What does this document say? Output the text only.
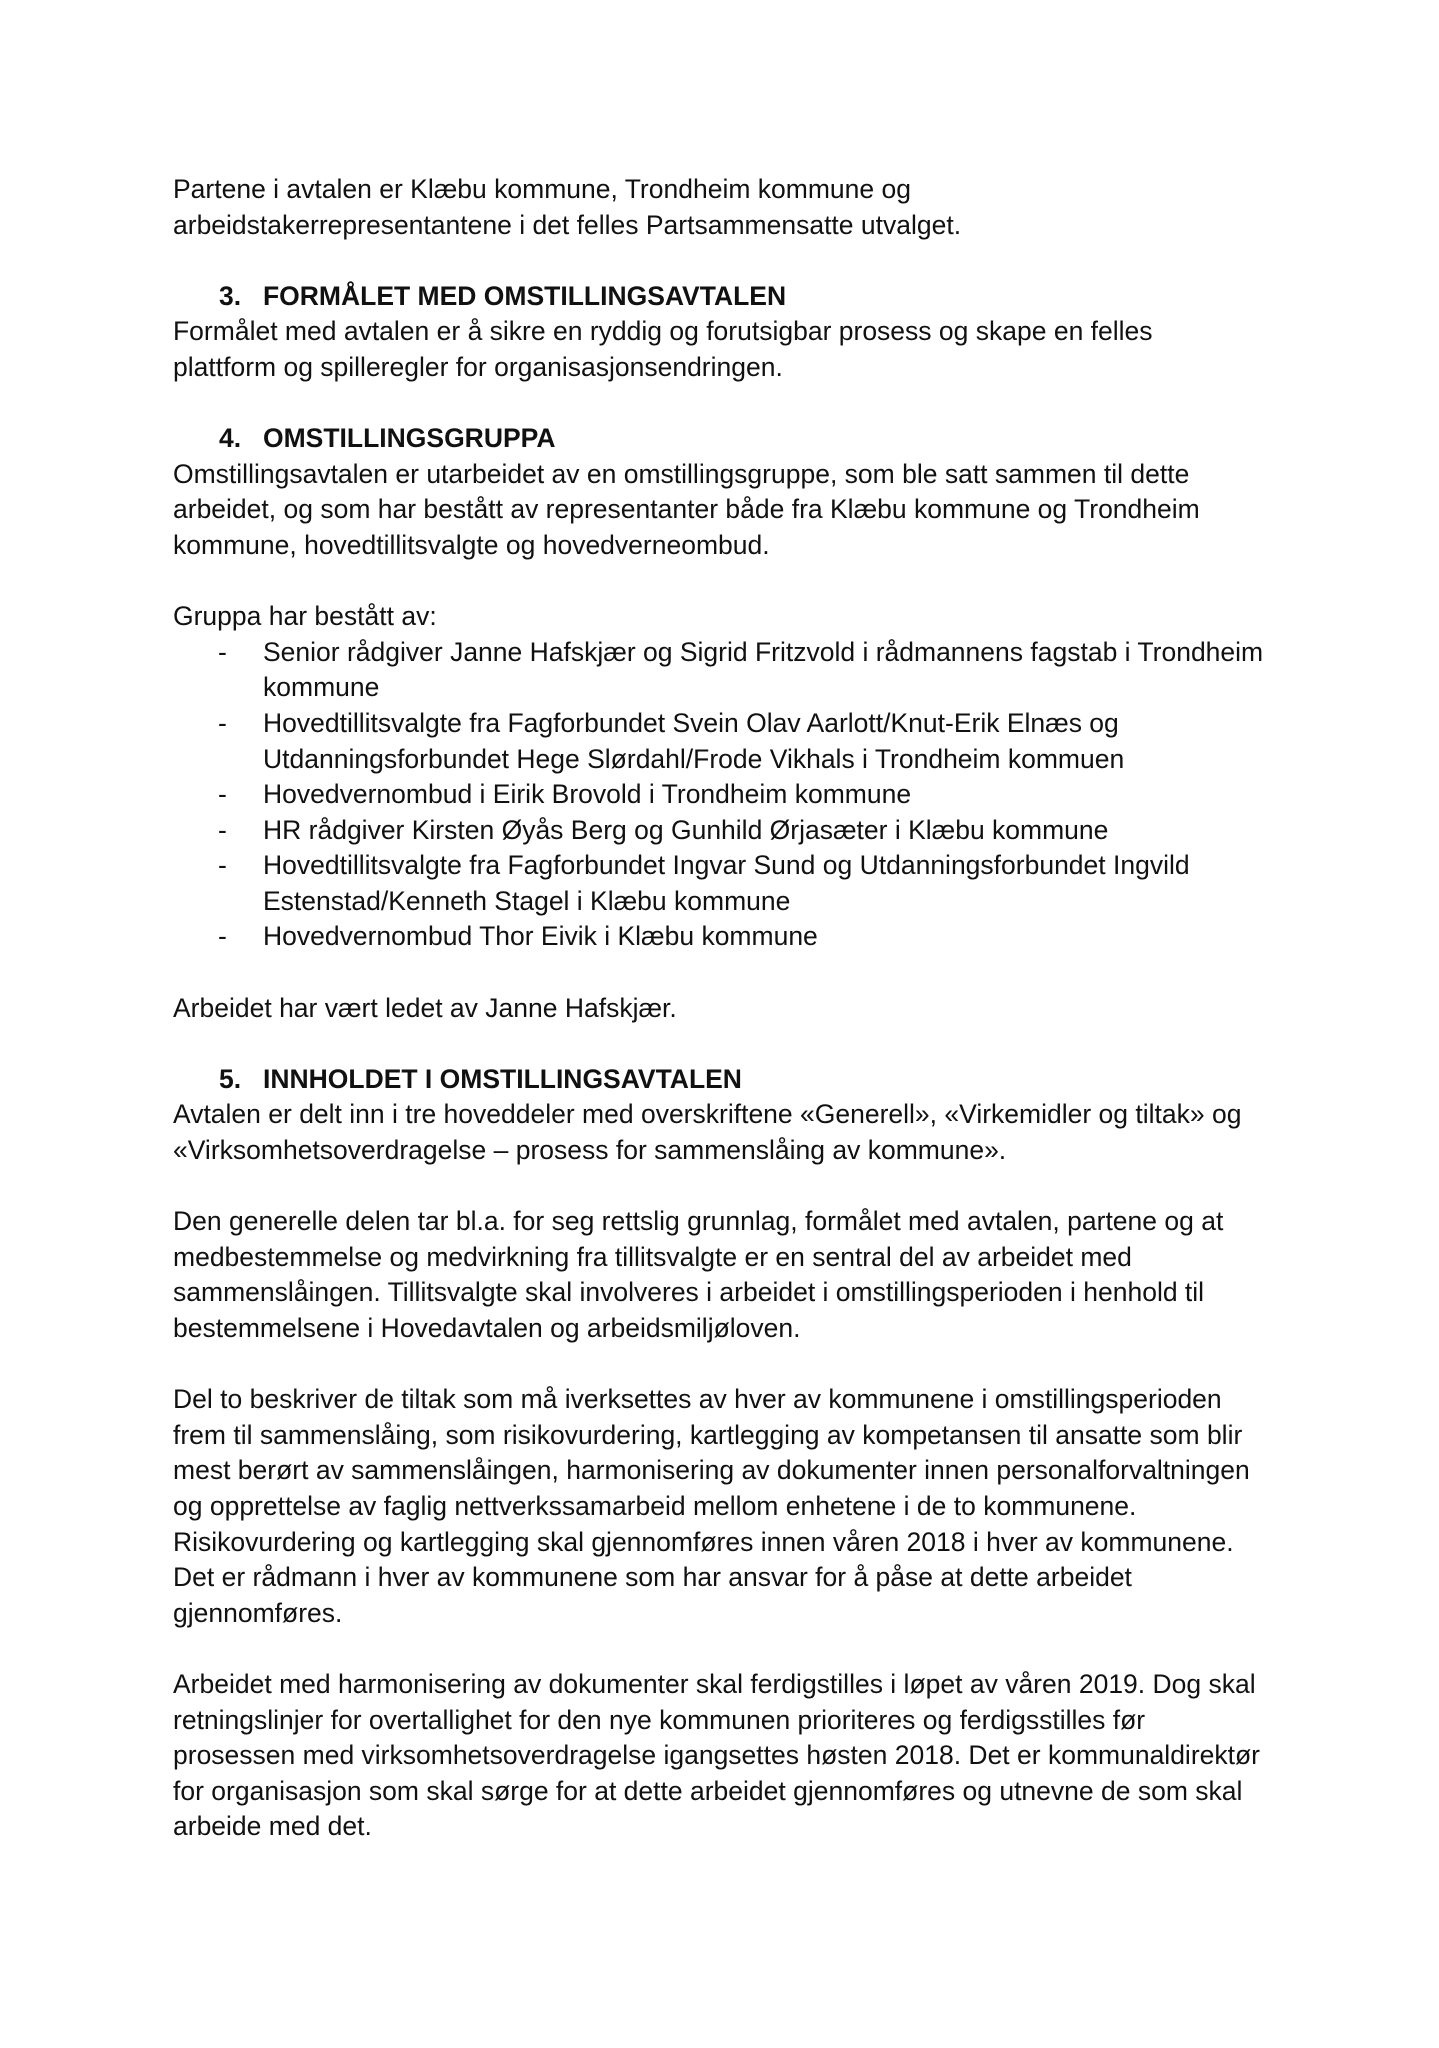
Partene i avtalen er Klæbu kommune, Trondheim kommune og arbeidstakerrepresentantene i det felles Partsammensatte utvalget.

3. FORMÅLET MED OMSTILLINGSAVTALEN

Formålet med avtalen er å sikre en ryddig og forutsigbar prosess og skape en felles plattform og spilleregler for organisasjonsendringen.

4. OMSTILLINGSGRUPPA

Omstillingsavtalen er utarbeidet av en omstillingsgruppe, som ble satt sammen til dette arbeidet, og som har bestått av representanter både fra Klæbu kommune og Trondheim kommune, hovedtillitsvalgte og hovedverneombud.

Gruppa har bestått av:

-	Senior rådgiver Janne Hafskjær og Sigrid Fritzvold i rådmannens fagstab i Trondheim kommune
-	Hovedtillitsvalgte fra Fagforbundet Svein Olav Aarlott/Knut-Erik Elnæs og Utdanningsforbundet Hege Slørdahl/Frode Vikhals i Trondheim kommuen
-	Hovedvernombud i Eirik Brovold i Trondheim kommune
-	HR rådgiver Kirsten Øyås Berg og Gunhild Ørjasæter i Klæbu kommune
-	Hovedtillitsvalgte fra Fagforbundet Ingvar Sund og Utdanningsforbundet Ingvild Estenstad/Kenneth Stagel i Klæbu kommune
-	Hovedvernombud Thor Eivik i Klæbu kommune

Arbeidet har vært ledet av Janne Hafskjær.

5. INNHOLDET I OMSTILLINGSAVTALEN

Avtalen er delt inn i tre hoveddeler med overskriftene «Generell», «Virkemidler og tiltak» og «Virksomhetsoverdragelse – prosess for sammenslåing av kommune».

Den generelle delen tar bl.a. for seg rettslig grunnlag, formålet med avtalen, partene og at medbestemmelse og medvirkning fra tillitsvalgte er en sentral del av arbeidet med sammenslåingen. Tillitsvalgte skal involveres i arbeidet i omstillingsperioden i henhold til bestemmelsene i Hovedavtalen og arbeidsmiljøloven.

Del to beskriver de tiltak som må iverksettes av hver av kommunene i omstillingsperioden frem til sammenslåing, som risikovurdering, kartlegging av kompetansen til ansatte som blir mest berørt av sammenslåingen, harmonisering av dokumenter innen personalforvaltningen og opprettelse av faglig nettverkssamarbeid mellom enhetene i de to kommunene. Risikovurdering og kartlegging skal gjennomføres innen våren 2018 i hver av kommunene. Det er rådmann i hver av kommunene som har ansvar for å påse at dette arbeidet gjennomføres.

Arbeidet med harmonisering av dokumenter skal ferdigstilles i løpet av våren 2019. Dog skal retningslinjer for overtallighet for den nye kommunen prioriteres og ferdigsstilles før prosessen med virksomhetsoverdragelse igangsettes høsten 2018. Det er kommunaldirektør for organisasjon som skal sørge for at dette arbeidet gjennomføres og utnevne de som skal arbeide med det.
